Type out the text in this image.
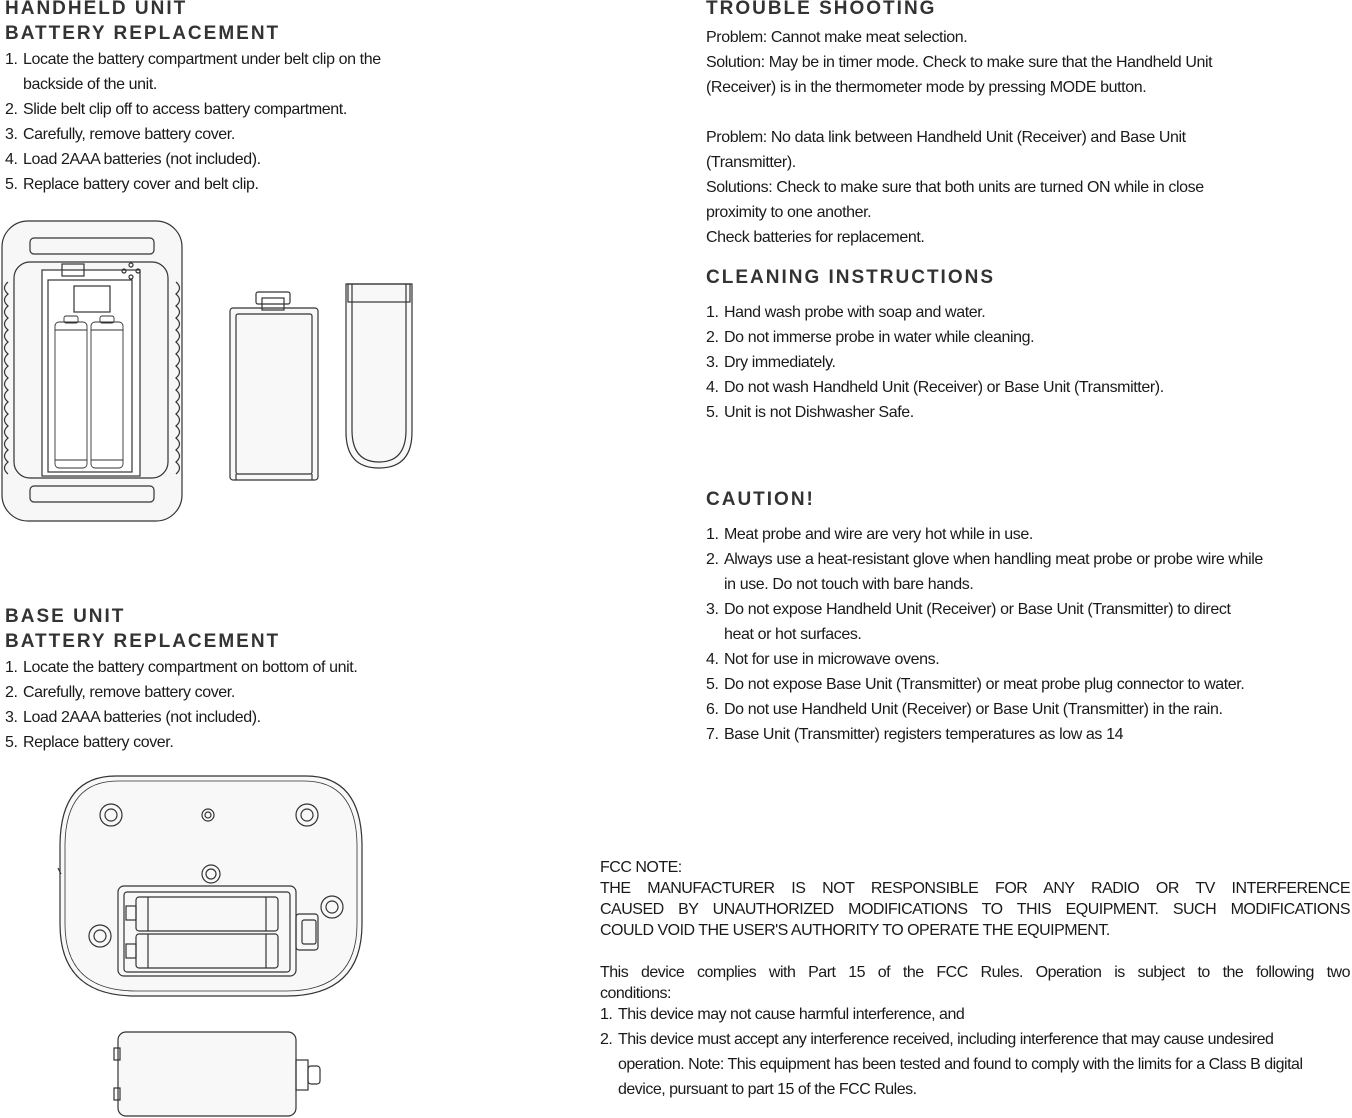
HANDHELD UNIT
BATTERY REPLACEMENT
1. Locate the battery compartment under belt clip on the backside of the unit.
2. Slide belt clip off to access battery compartment.
3. Carefully, remove battery cover.
4. Load 2AAA batteries (not included).
5. Replace battery cover and belt clip.
BASE UNIT
BATTERY REPLACEMENT
1. Locate the battery compartment on bottom of unit.
2. Carefully, remove battery cover.
3. Load 2AAA batteries (not included).
5. Replace battery cover.
TROUBLE SHOOTING

Problem: Cannot make meat selection.

Solution: May be in timer mode. Check to make sure that the Handheld Unit (Receiver) is in the thermometer mode by pressing MODE button.

Problem: No data link between Handheld Unit (Receiver) and Base Unit (Transmitter).

Solutions: Check to make sure that both units are turned ON while in close proximity to one another.

Check batteries for replacement.

CLEANING INSTRUCTIONS
1. Hand wash probe with soap and water.
2. Do not immerse probe in water while cleaning.
3. Dry immediately.
4. Do not wash Handheld Unit (Receiver) or Base Unit (Transmitter).
5. Unit is not Dishwasher Safe.
CAUTION!
1. Meat probe and wire are very hot while in use.
2. Always use a heat-resistant glove when handling meat probe or probe wire while in use. Do not touch with bare hands.
3. Do not expose Handheld Unit (Receiver) or Base Unit (Transmitter) to direct heat or hot surfaces.
4. Not for use in microwave ovens.
5. Do not expose Base Unit (Transmitter) or meat probe plug connector to water.
6. Do not use Handheld Unit (Receiver) or Base Unit (Transmitter) in the rain.
7. Base Unit (Transmitter) registers temperatures as low as 14
FCC NOTE:
THE MANUFACTURER IS NOT RESPONSIBLE FOR ANY RADIO OR TV INTERFERENCE
CAUSED BY UNAUTHORIZED MODIFICATIONS TO THIS EQUIPMENT. SUCH MODIFICATIONS
COULD VOID THE USER'S AUTHORITY TO OPERATE THE EQUIPMENT.
This device complies with Part 15 of the FCC Rules. Operation is subject to the following two
conditions:
1. This device may not cause harmful interference, and
2. This device must accept any interference received, including interference that may cause undesired operation. Note: This equipment has been tested and found to comply with the limits for a Class B digital device, pursuant to part 15 of the FCC Rules.
